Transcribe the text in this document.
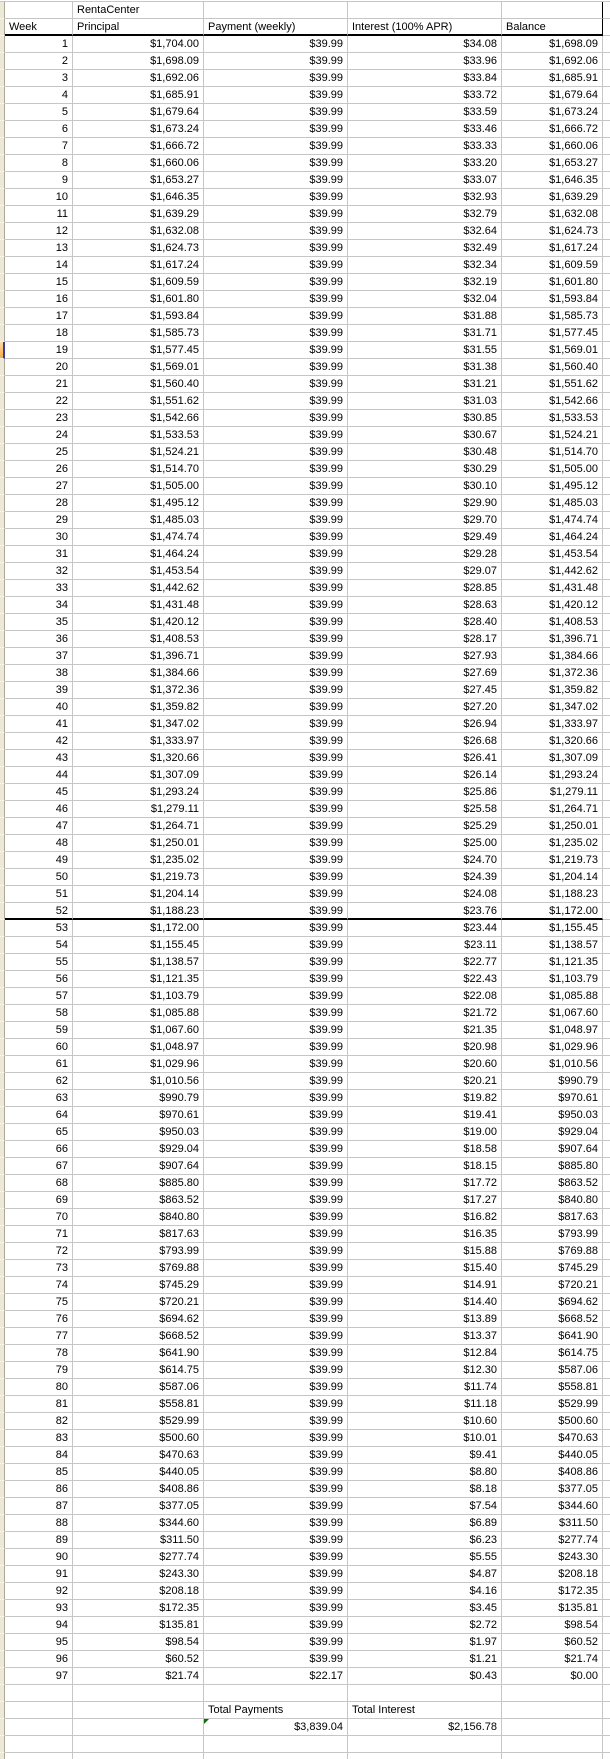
RentaCenter
Week	Principal	Payment (weekly)	Interest (100% APR)	Balance
1	$1,704.00	$39.99	$34.08	$1,698.09
2	$1,698.09	$39.99	$33.96	$1,692.06
3	$1,692.06	$39.99	$33.84	$1,685.91
4	$1,685.91	$39.99	$33.72	$1,679.64
5	$1,679.64	$39.99	$33.59	$1,673.24
6	$1,673.24	$39.99	$33.46	$1,666.72
7	$1,666.72	$39.99	$33.33	$1,660.06
8	$1,660.06	$39.99	$33.20	$1,653.27
9	$1,653.27	$39.99	$33.07	$1,646.35
10	$1,646.35	$39.99	$32.93	$1,639.29
11	$1,639.29	$39.99	$32.79	$1,632.08
12	$1,632.08	$39.99	$32.64	$1,624.73
13	$1,624.73	$39.99	$32.49	$1,617.24
14	$1,617.24	$39.99	$32.34	$1,609.59
15	$1,609.59	$39.99	$32.19	$1,601.80
16	$1,601.80	$39.99	$32.04	$1,593.84
17	$1,593.84	$39.99	$31.88	$1,585.73
18	$1,585.73	$39.99	$31.71	$1,577.45
19	$1,577.45	$39.99	$31.55	$1,569.01
20	$1,569.01	$39.99	$31.38	$1,560.40
21	$1,560.40	$39.99	$31.21	$1,551.62
22	$1,551.62	$39.99	$31.03	$1,542.66
23	$1,542.66	$39.99	$30.85	$1,533.53
24	$1,533.53	$39.99	$30.67	$1,524.21
25	$1,524.21	$39.99	$30.48	$1,514.70
26	$1,514.70	$39.99	$30.29	$1,505.00
27	$1,505.00	$39.99	$30.10	$1,495.12
28	$1,495.12	$39.99	$29.90	$1,485.03
29	$1,485.03	$39.99	$29.70	$1,474.74
30	$1,474.74	$39.99	$29.49	$1,464.24
31	$1,464.24	$39.99	$29.28	$1,453.54
32	$1,453.54	$39.99	$29.07	$1,442.62
33	$1,442.62	$39.99	$28.85	$1,431.48
34	$1,431.48	$39.99	$28.63	$1,420.12
35	$1,420.12	$39.99	$28.40	$1,408.53
36	$1,408.53	$39.99	$28.17	$1,396.71
37	$1,396.71	$39.99	$27.93	$1,384.66
38	$1,384.66	$39.99	$27.69	$1,372.36
39	$1,372.36	$39.99	$27.45	$1,359.82
40	$1,359.82	$39.99	$27.20	$1,347.02
41	$1,347.02	$39.99	$26.94	$1,333.97
42	$1,333.97	$39.99	$26.68	$1,320.66
43	$1,320.66	$39.99	$26.41	$1,307.09
44	$1,307.09	$39.99	$26.14	$1,293.24
45	$1,293.24	$39.99	$25.86	$1,279.11
46	$1,279.11	$39.99	$25.58	$1,264.71
47	$1,264.71	$39.99	$25.29	$1,250.01
48	$1,250.01	$39.99	$25.00	$1,235.02
49	$1,235.02	$39.99	$24.70	$1,219.73
50	$1,219.73	$39.99	$24.39	$1,204.14
51	$1,204.14	$39.99	$24.08	$1,188.23
52	$1,188.23	$39.99	$23.76	$1,172.00
53	$1,172.00	$39.99	$23.44	$1,155.45
54	$1,155.45	$39.99	$23.11	$1,138.57
55	$1,138.57	$39.99	$22.77	$1,121.35
56	$1,121.35	$39.99	$22.43	$1,103.79
57	$1,103.79	$39.99	$22.08	$1,085.88
58	$1,085.88	$39.99	$21.72	$1,067.60
59	$1,067.60	$39.99	$21.35	$1,048.97
60	$1,048.97	$39.99	$20.98	$1,029.96
61	$1,029.96	$39.99	$20.60	$1,010.56
62	$1,010.56	$39.99	$20.21	$990.79
63	$990.79	$39.99	$19.82	$970.61
64	$970.61	$39.99	$19.41	$950.03
65	$950.03	$39.99	$19.00	$929.04
66	$929.04	$39.99	$18.58	$907.64
67	$907.64	$39.99	$18.15	$885.80
68	$885.80	$39.99	$17.72	$863.52
69	$863.52	$39.99	$17.27	$840.80
70	$840.80	$39.99	$16.82	$817.63
71	$817.63	$39.99	$16.35	$793.99
72	$793.99	$39.99	$15.88	$769.88
73	$769.88	$39.99	$15.40	$745.29
74	$745.29	$39.99	$14.91	$720.21
75	$720.21	$39.99	$14.40	$694.62
76	$694.62	$39.99	$13.89	$668.52
77	$668.52	$39.99	$13.37	$641.90
78	$641.90	$39.99	$12.84	$614.75
79	$614.75	$39.99	$12.30	$587.06
80	$587.06	$39.99	$11.74	$558.81
81	$558.81	$39.99	$11.18	$529.99
82	$529.99	$39.99	$10.60	$500.60
83	$500.60	$39.99	$10.01	$470.63
84	$470.63	$39.99	$9.41	$440.05
85	$440.05	$39.99	$8.80	$408.86
86	$408.86	$39.99	$8.18	$377.05
87	$377.05	$39.99	$7.54	$344.60
88	$344.60	$39.99	$6.89	$311.50
89	$311.50	$39.99	$6.23	$277.74
90	$277.74	$39.99	$5.55	$243.30
91	$243.30	$39.99	$4.87	$208.18
92	$208.18	$39.99	$4.16	$172.35
93	$172.35	$39.99	$3.45	$135.81
94	$135.81	$39.99	$2.72	$98.54
95	$98.54	$39.99	$1.97	$60.52
96	$60.52	$39.99	$1.21	$21.74
97	$21.74	$22.17	$0.43	$0.00
Total Payments	Total Interest
$3,839.04	$2,156.78
